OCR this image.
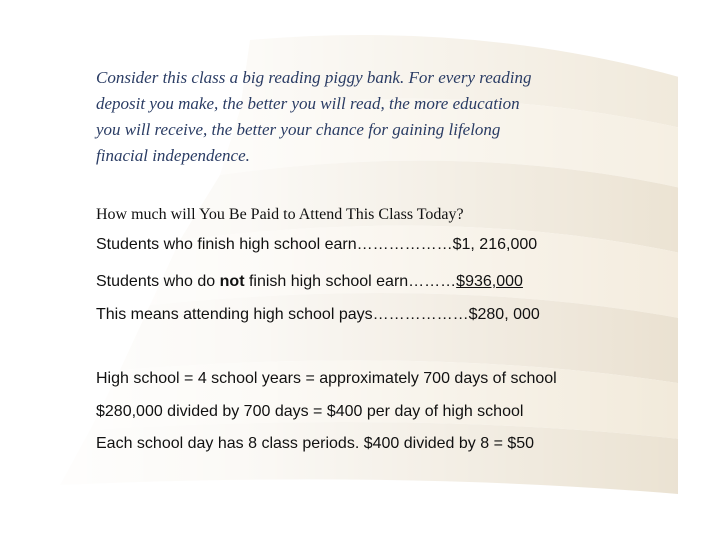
Consider this class a big reading piggy bank. For every reading
deposit you make, the better you will read, the more education
you will receive, the better your chance for gaining lifelong
finacial independence.

How much will You Be Paid to Attend This Class Today?

Students who finish high school earn………………$1, 216,000

Students who do not finish high school earn………$936,000

This means attending high school pays………………$280, 000

High school = 4 school years = approximately 700 days of school

$280,000 divided by 700 days = $400 per day of high school

Each school day has 8 class periods. $400 divided by 8 = $50
